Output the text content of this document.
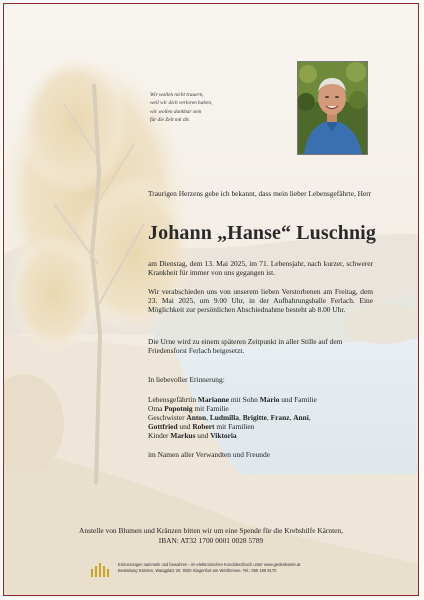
Wir wollen nicht trauern,
weil wir dich verloren haben,
wir wollen dankbar sein
für die Zeit mit dir.
Traurigen Herzens gebe ich bekannt, dass mein lieber Lebensgefährte, Herr
Johann „Hanse“ Luschnig
am Dienstag, dem 13. Mai 2025, im 71. Lebensjahr, nach kurzer, schwerer Krankheit für immer von uns gegangen ist.
Wir verabschieden uns von unserem lieben Verstorbenen am Freitag, dem 23. Mai 2025, um 9.00 Uhr, in der Aufbahrungshalle Ferlach. Eine Möglichkeit zur persönlichen Abschiednahme besteht ab 8.00 Uhr.
Die Urne wird zu einem späteren Zeitpunkt in aller Stille auf dem Friedensforst Ferlach beigesetzt.
In liebevoller Erinnerung:
Lebensgefährtin Marianne mit Sohn Mario und Familie
Oma Popotnig mit Familie
Geschwister Anton, Ludmilla, Brigitte, Franz, Anni,
Gottfried und Robert mit Familien
Kinder Markus und Viktoria
im Namen aller Verwandten und Freunde
Anstelle von Blumen und Kränzen bitten wir um eine Spende für die Krebshilfe Kärnten,
IBAN: AT32 1700 0001 0028 5789
Erinnerungen sammeln und bewahren - im elektronischen Kondolenzbuch unter www.gedenkseite.at
Bestattung Kärnten, Waagplatz 20, 9020 Klagenfurt am Wörthersee, Tel.: 050 199 9170
